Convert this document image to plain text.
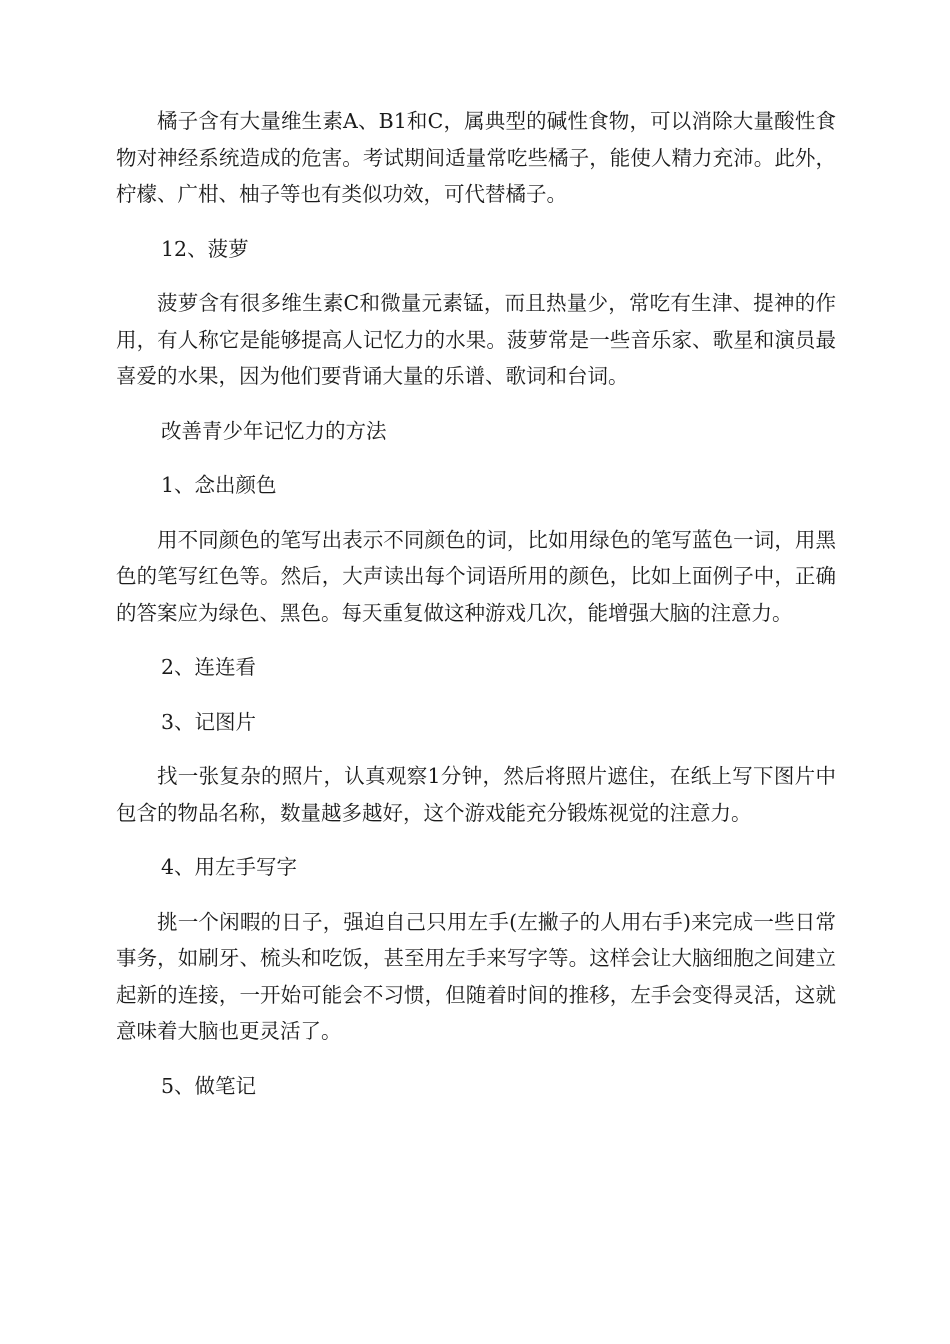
橘子含有大量维生素A、B1和C，属典型的碱性食物，可以消除大量酸性食物对神经系统造成的危害。考试期间适量常吃些橘子，能使人精力充沛。此外，柠檬、广柑、柚子等也有类似功效，可代替橘子。

12、菠萝

菠萝含有很多维生素C和微量元素锰，而且热量少，常吃有生津、提神的作用，有人称它是能够提高人记忆力的水果。菠萝常是一些音乐家、歌星和演员最喜爱的水果，因为他们要背诵大量的乐谱、歌词和台词。

改善青少年记忆力的方法

1、念出颜色

用不同颜色的笔写出表示不同颜色的词，比如用绿色的笔写蓝色一词，用黑色的笔写红色等。然后，大声读出每个词语所用的颜色，比如上面例子中，正确的答案应为绿色、黑色。每天重复做这种游戏几次，能增强大脑的注意力。

2、连连看

3、记图片

找一张复杂的照片，认真观察1分钟，然后将照片遮住，在纸上写下图片中包含的物品名称，数量越多越好，这个游戏能充分锻炼视觉的注意力。

4、用左手写字

挑一个闲暇的日子，强迫自己只用左手(左撇子的人用右手)来完成一些日常事务，如刷牙、梳头和吃饭，甚至用左手来写字等。这样会让大脑细胞之间建立起新的连接，一开始可能会不习惯，但随着时间的推移，左手会变得灵活，这就意味着大脑也更灵活了。

5、做笔记
